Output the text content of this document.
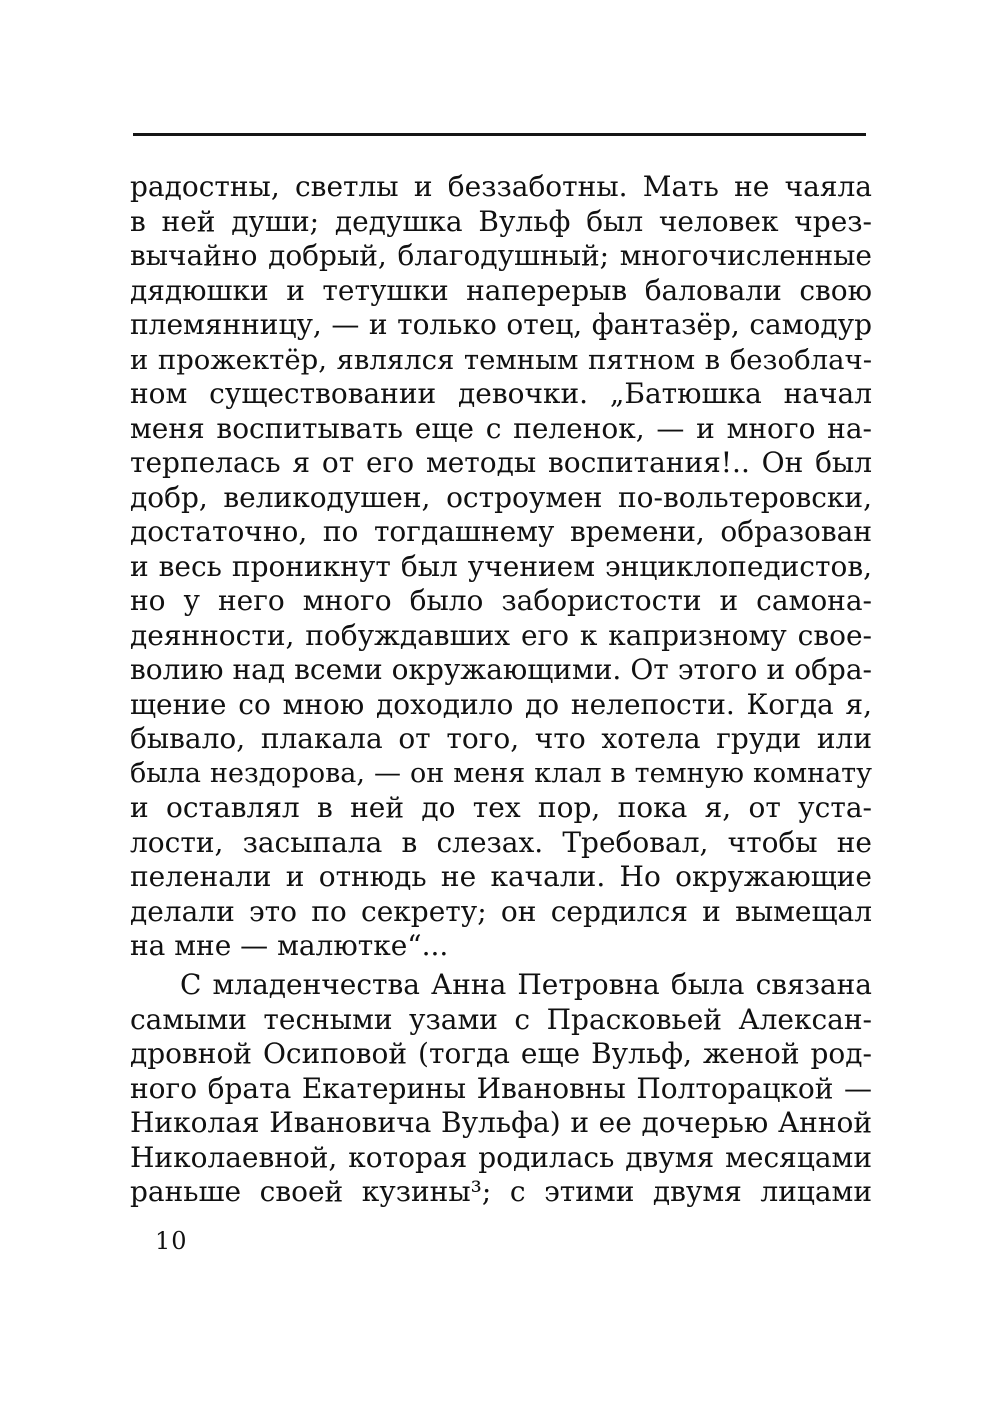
радостны, светлы и беззаботны. Мать не чаяла
в ней души; дедушка Вульф был человек чрез-
вычайно добрый, благодушный; многочисленные
дядюшки и тетушки наперерыв баловали свою
племянницу, — и только отец, фантазёр, самодур
и прожектёр, являлся темным пятном в безоблач-
ном существовании девочки. „Батюшка начал
меня воспитывать еще с пеленок, — и много на-
терпелась я от его методы воспитания!.. Он был
добр, великодушен, остроумен по-вольтеровски,
достаточно, по тогдашнему времени, образован
и весь проникнут был учением энциклопедистов,
но у него много было забористости и самона-
деянности, побуждавших его к капризному свое-
волию над всеми окружающими. От этого и обра-
щение со мною доходило до нелепости. Когда я,
бывало, плакала от того, что хотела груди или
была нездорова, — он меня клал в темную комнату
и оставлял в ней до тех пор, пока я, от уста-
лости, засыпала в слезах. Требовал, чтобы не
пеленали и отнюдь не качали. Но окружающие
делали это по секрету; он сердился и вымещал
на мне — малютке“...
С младенчества Анна Петровна была связана
самыми тесными узами с Прасковьей Алексан-
дровной Осиповой (тогда еще Вульф, женой род-
ного брата Екатерины Ивановны Полторацкой —
Николая Ивановича Вульфа) и ее дочерью Анной
Николаевной, которая родилась двумя месяцами
раньше своей кузины³; с этими двумя лицами
10
